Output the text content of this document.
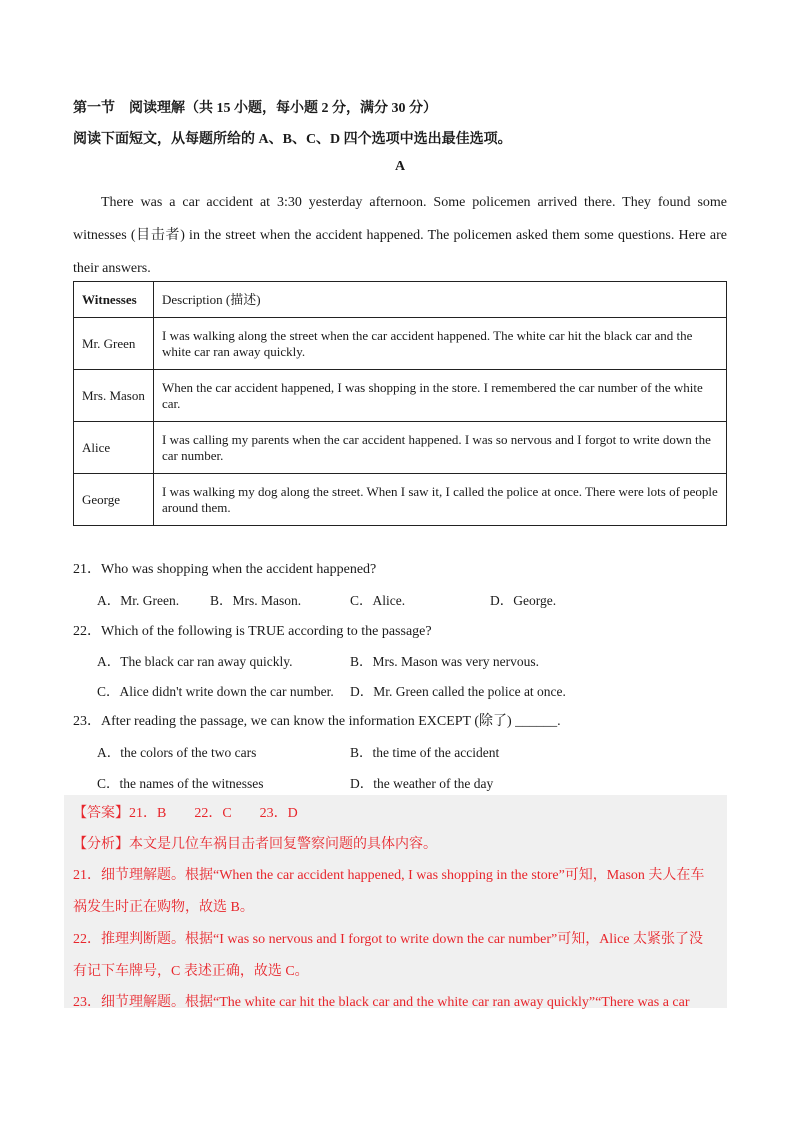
第一节　阅读理解（共 15 小题，每小题 2 分，满分 30 分）
阅读下面短文，从每题所给的 A、B、C、D 四个选项中选出最佳选项。
A
There was a car accident at 3:30 yesterday afternoon. Some policemen arrived there. They found some
witnesses (目击者) in the street when the accident happened. The policemen asked them some questions. Here are
their answers.
Witnesses	Description (描述)
Mr. Green	I was walking along the street when the car accident happened. The white car hit the black car and the white car ran away quickly.
Mrs. Mason	When the car accident happened, I was shopping in the store. I remembered the car number of the white car.
Alice	I was calling my parents when the car accident happened. I was so nervous and I forgot to write down the car number.
George	I was walking my dog along the street. When I saw it, I called the police at once. There were lots of people around them.
21．Who was shopping when the accident happened?
A．Mr. Green. B．Mrs. Mason.	C．Alice.	D．George.
22．Which of the following is TRUE according to the passage?
A．The black car ran away quickly.	B．Mrs. Mason was very nervous.
C．Alice didn't write down the car number. D．Mr. Green called the police at once.
23．After reading the passage, we can know the information EXCEPT (除了) ______.
A．the colors of the two cars	B．the time of the accident
C．the names of the witnesses	D．the weather of the day
【答案】21．B　　22．C　　23．D
【分析】本文是几位车祸目击者回复警察问题的具体内容。
21．细节理解题。根据“When the car accident happened, I was shopping in the store”可知，Mason 夫人在车
祸发生时正在购物，故选 B。
22．推理判断题。根据“I was so nervous and I forgot to write down the car number”可知，Alice 太紧张了没
有记下车牌号，C 表述正确，故选 C。
23．细节理解题。根据“The white car hit the black car and the white car ran away quickly”“There was a car
